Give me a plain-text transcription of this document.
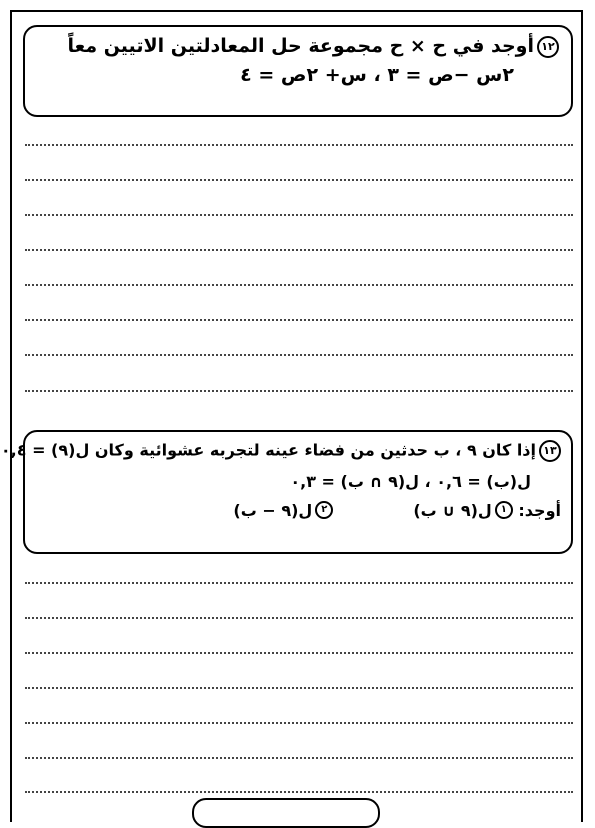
١٢أوجد في ح × ح مجموعة حل المعادلتين الاتيين معاً
٢س −ص = ٣ ، س+ ٢ص = ٤
١٣إذا كان ٩ ، ب حدثين من فضاء عينه لتجربه عشوائية وكان ل(٩) = ٠,٤
ل(ب) = ٠,٦ ، ل(٩ ∩ ب) = ٠,٣
أوجد:

١
ل(٩ ∪ ب)
٢
ل(٩ − ب)
